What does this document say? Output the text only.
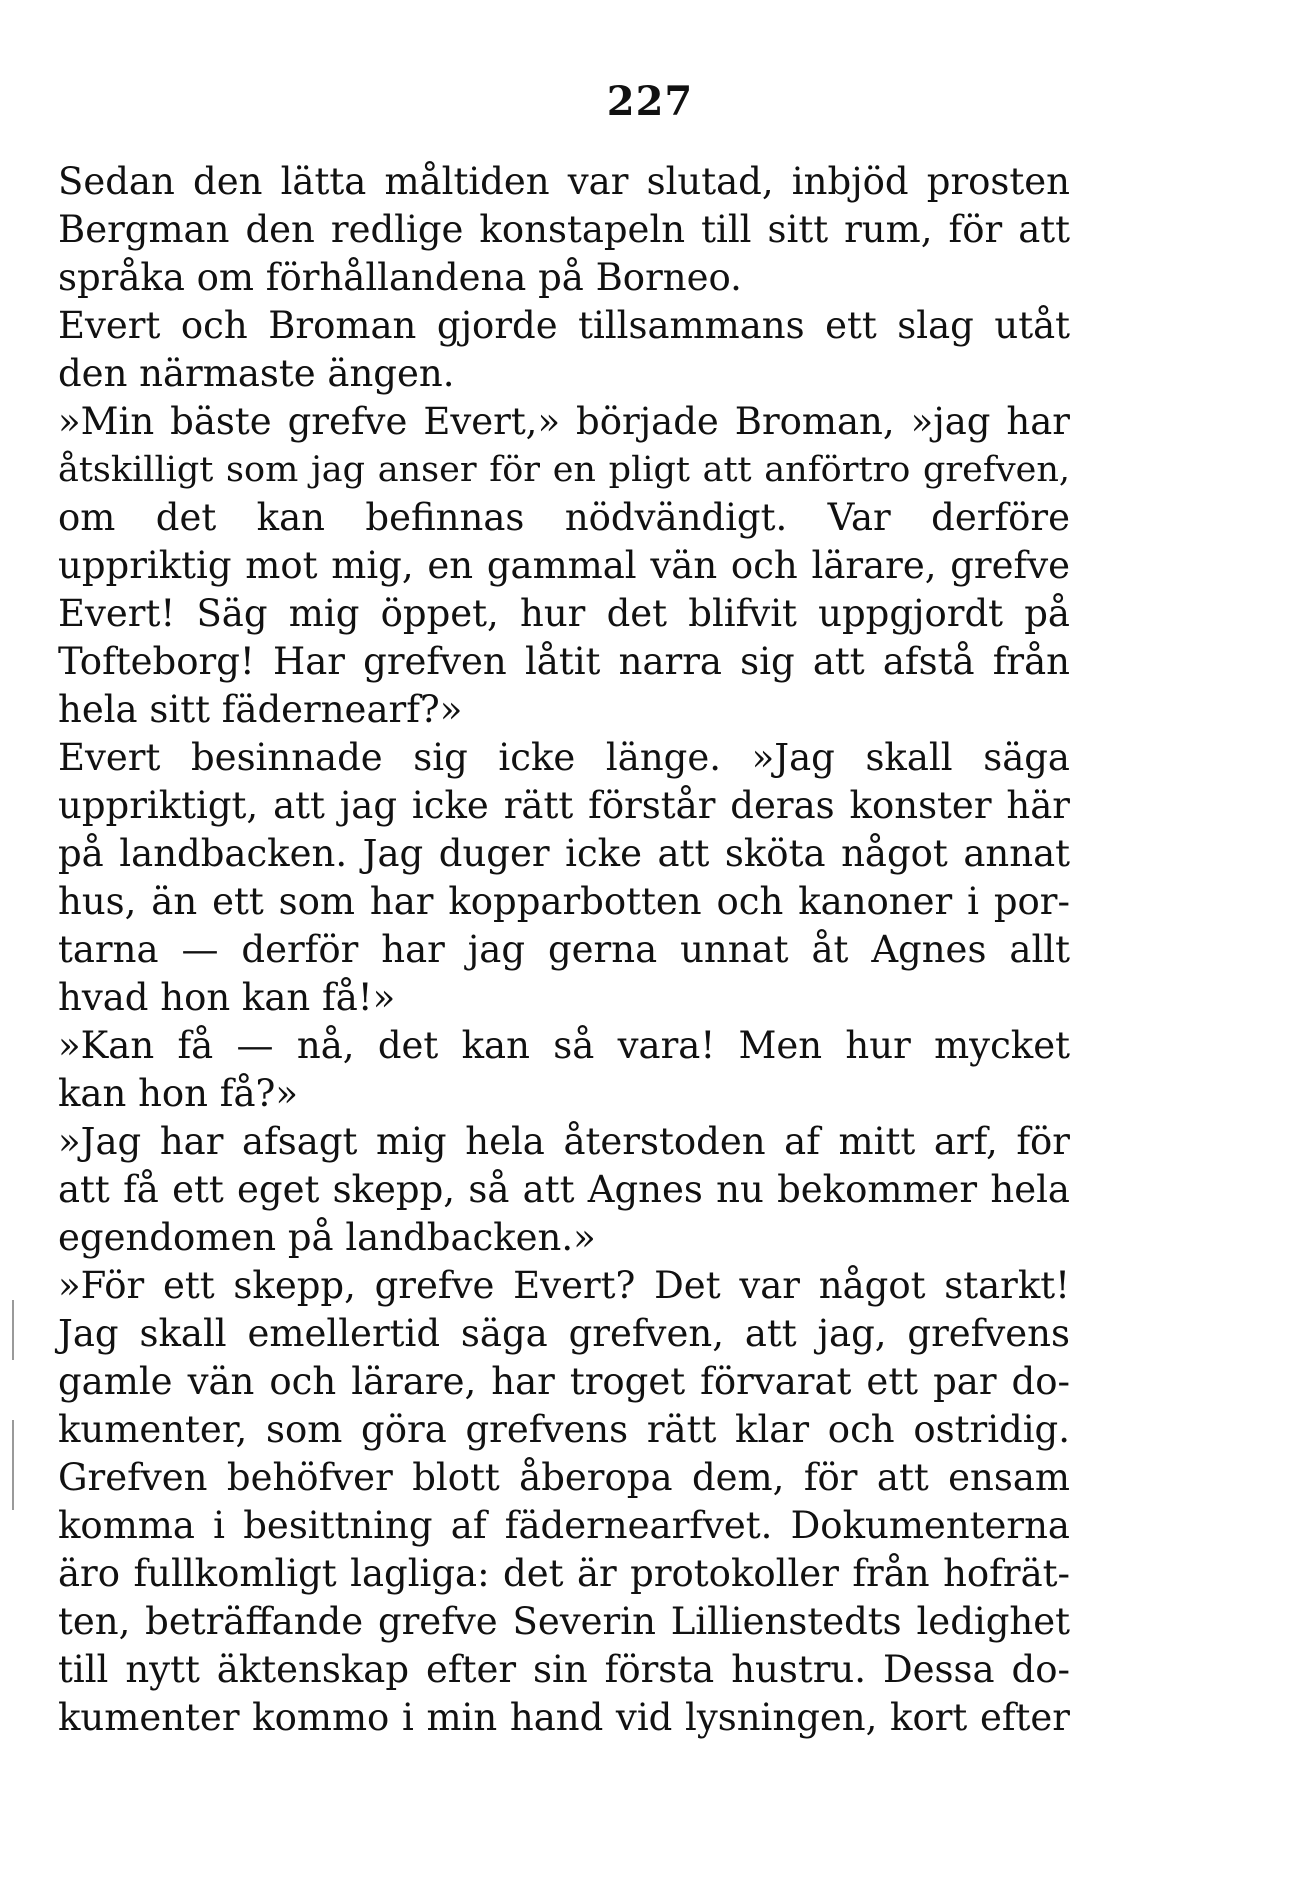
227
Sedan den lätta måltiden var slutad, inbjöd prosten
Bergman den redlige konstapeln till sitt rum, för att
språka om förhållandena på Borneo.
Evert och Broman gjorde tillsammans ett slag utåt
den närmaste ängen.
»Min bäste grefve Evert,» började Broman, »jag har
åtskilligt som jag anser för en pligt att anförtro grefven,
om det kan befinnas nödvändigt. Var derföre
uppriktig mot mig, en gammal vän och lärare, grefve
Evert! Säg mig öppet, hur det blifvit uppgjordt på
Tofteborg! Har grefven låtit narra sig att afstå från
hela sitt fädernearf?»
Evert besinnade sig icke länge. »Jag skall säga
uppriktigt, att jag icke rätt förstår deras konster här
på landbacken. Jag duger icke att sköta något annat
hus, än ett som har kopparbotten och kanoner i por-
tarna — derför har jag gerna unnat åt Agnes allt
hvad hon kan få!»
»Kan få — nå, det kan så vara! Men hur mycket
kan hon få?»
»Jag har afsagt mig hela återstoden af mitt arf, för
att få ett eget skepp, så att Agnes nu bekommer hela
egendomen på landbacken.»
»För ett skepp, grefve Evert? Det var något starkt!
Jag skall emellertid säga grefven, att jag, grefvens
gamle vän och lärare, har troget förvarat ett par do-
kumenter, som göra grefvens rätt klar och ostridig.
Grefven behöfver blott åberopa dem, för att ensam
komma i besittning af fädernearfvet. Dokumenterna
äro fullkomligt lagliga: det är protokoller från hofrät-
ten, beträffande grefve Severin Lillienstedts ledighet
till nytt äktenskap efter sin första hustru. Dessa do-
kumenter kommo i min hand vid lysningen, kort efter
